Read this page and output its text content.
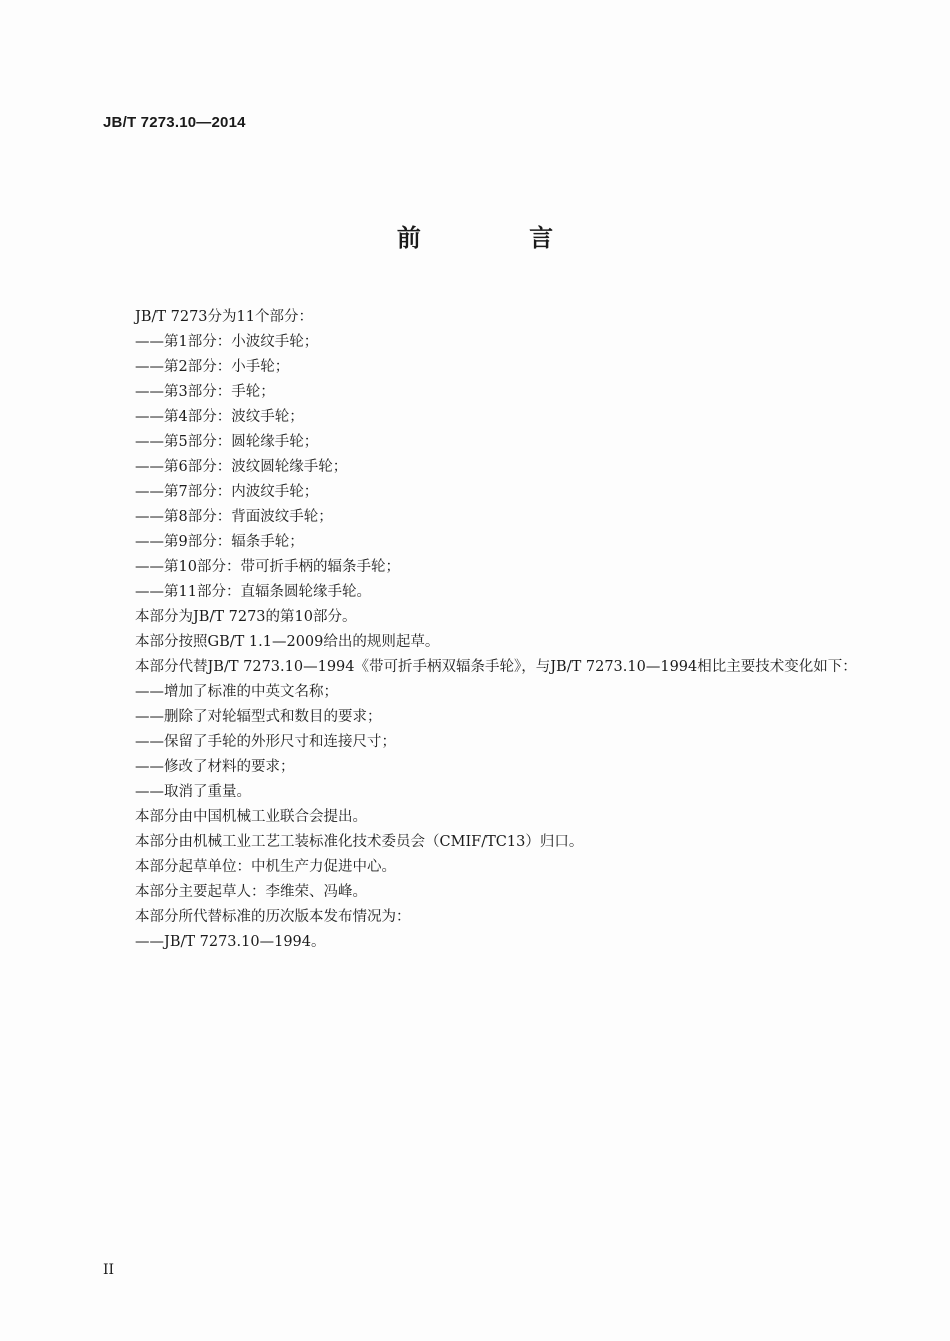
JB/T 7273.10—2014
前 言
JB/T 7273分为11个部分：
——第1部分：小波纹手轮；
——第2部分：小手轮；
——第3部分：手轮；
——第4部分：波纹手轮；
——第5部分：圆轮缘手轮；
——第6部分：波纹圆轮缘手轮；
——第7部分：内波纹手轮；
——第8部分：背面波纹手轮；
——第9部分：辐条手轮；
——第10部分：带可折手柄的辐条手轮；
——第11部分：直辐条圆轮缘手轮。
本部分为JB/T 7273的第10部分。
本部分按照GB/T 1.1—2009给出的规则起草。
本部分代替JB/T 7273.10—1994《带可折手柄双辐条手轮》，与JB/T 7273.10—1994相比主要技术变化如下：
——增加了标准的中英文名称；
——删除了对轮辐型式和数目的要求；
——保留了手轮的外形尺寸和连接尺寸；
——修改了材料的要求；
——取消了重量。
本部分由中国机械工业联合会提出。
本部分由机械工业工艺工装标准化技术委员会（CMIF/TC13）归口。
本部分起草单位：中机生产力促进中心。
本部分主要起草人：李维荣、冯峰。
本部分所代替标准的历次版本发布情况为：
——JB/T 7273.10—1994。
II
